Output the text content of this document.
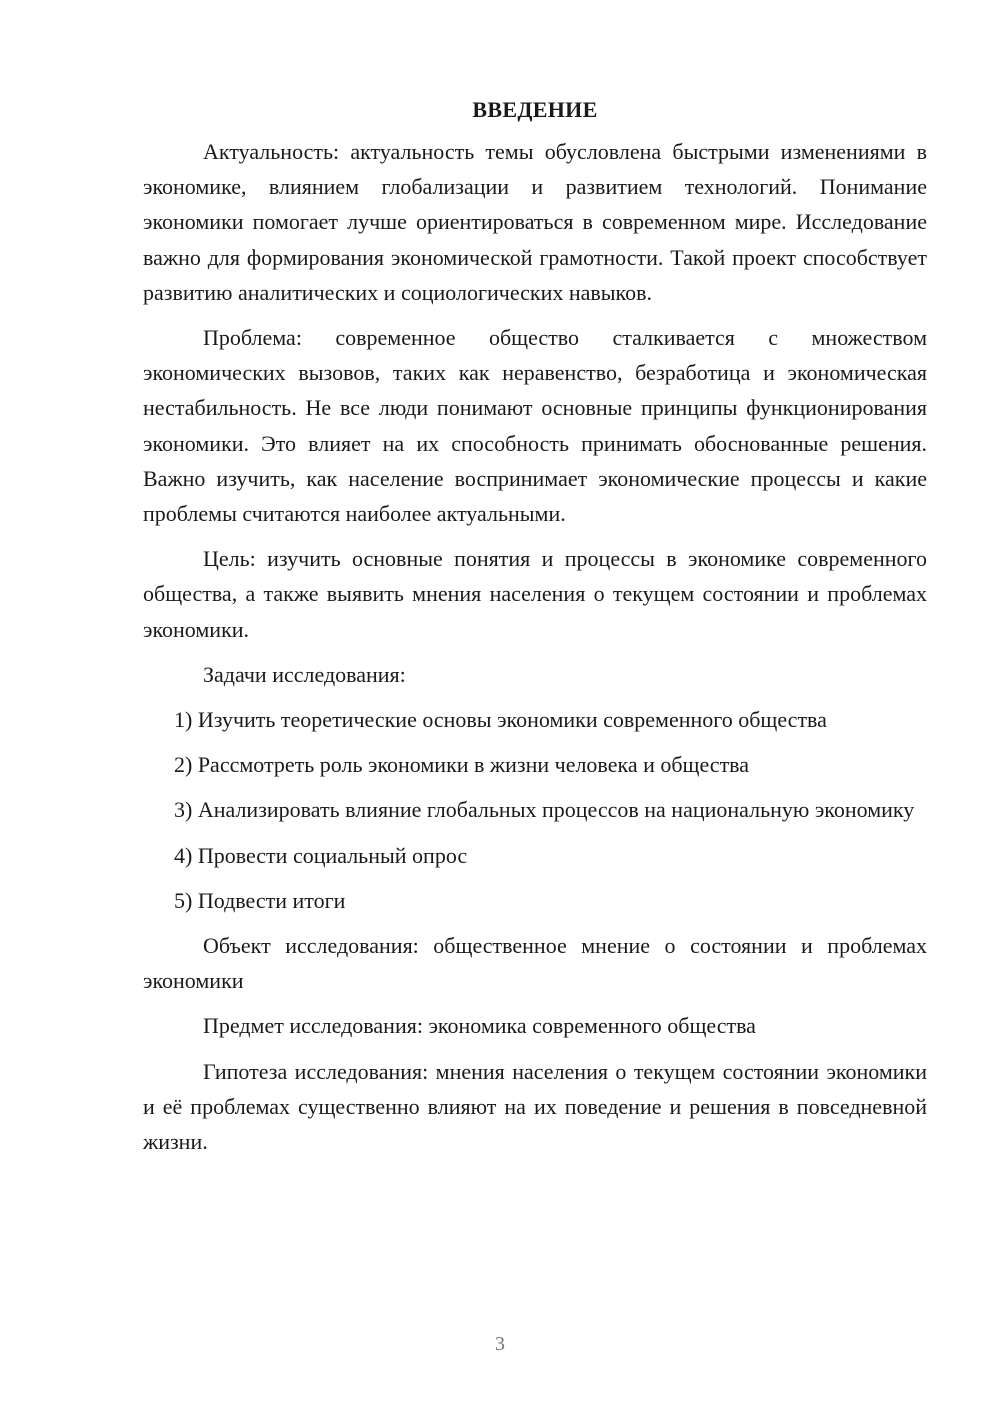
ВВЕДЕНИЕ

Актуальность: актуальность темы обусловлена быстрыми изменениями в экономике, влиянием глобализации и развитием технологий. Понимание экономики помогает лучше ориентироваться в современном мире. Исследование важно для формирования экономической грамотности. Такой проект способствует развитию аналитических и социологических навыков.

Проблема: современное общество сталкивается с множеством экономических вызовов, таких как неравенство, безработица и экономическая нестабильность. Не все люди понимают основные принципы функционирования экономики. Это влияет на их способность принимать обоснованные решения. Важно изучить, как население воспринимает экономические процессы и какие проблемы считаются наиболее актуальными.

Цель: изучить основные понятия и процессы в экономике современного общества, а также выявить мнения населения о текущем состоянии и проблемах экономики.

Задачи исследования:

1) Изучить теоретические основы экономики современного общества

2) Рассмотреть роль экономики в жизни человека и общества

3) Анализировать влияние глобальных процессов на национальную экономику

4) Провести социальный опрос

5) Подвести итоги

Объект исследования: общественное мнение о состоянии и проблемах экономики

Предмет исследования: экономика современного общества

Гипотеза исследования: мнения населения о текущем состоянии экономики и её проблемах существенно влияют на их поведение и решения в повседневной жизни.

3
